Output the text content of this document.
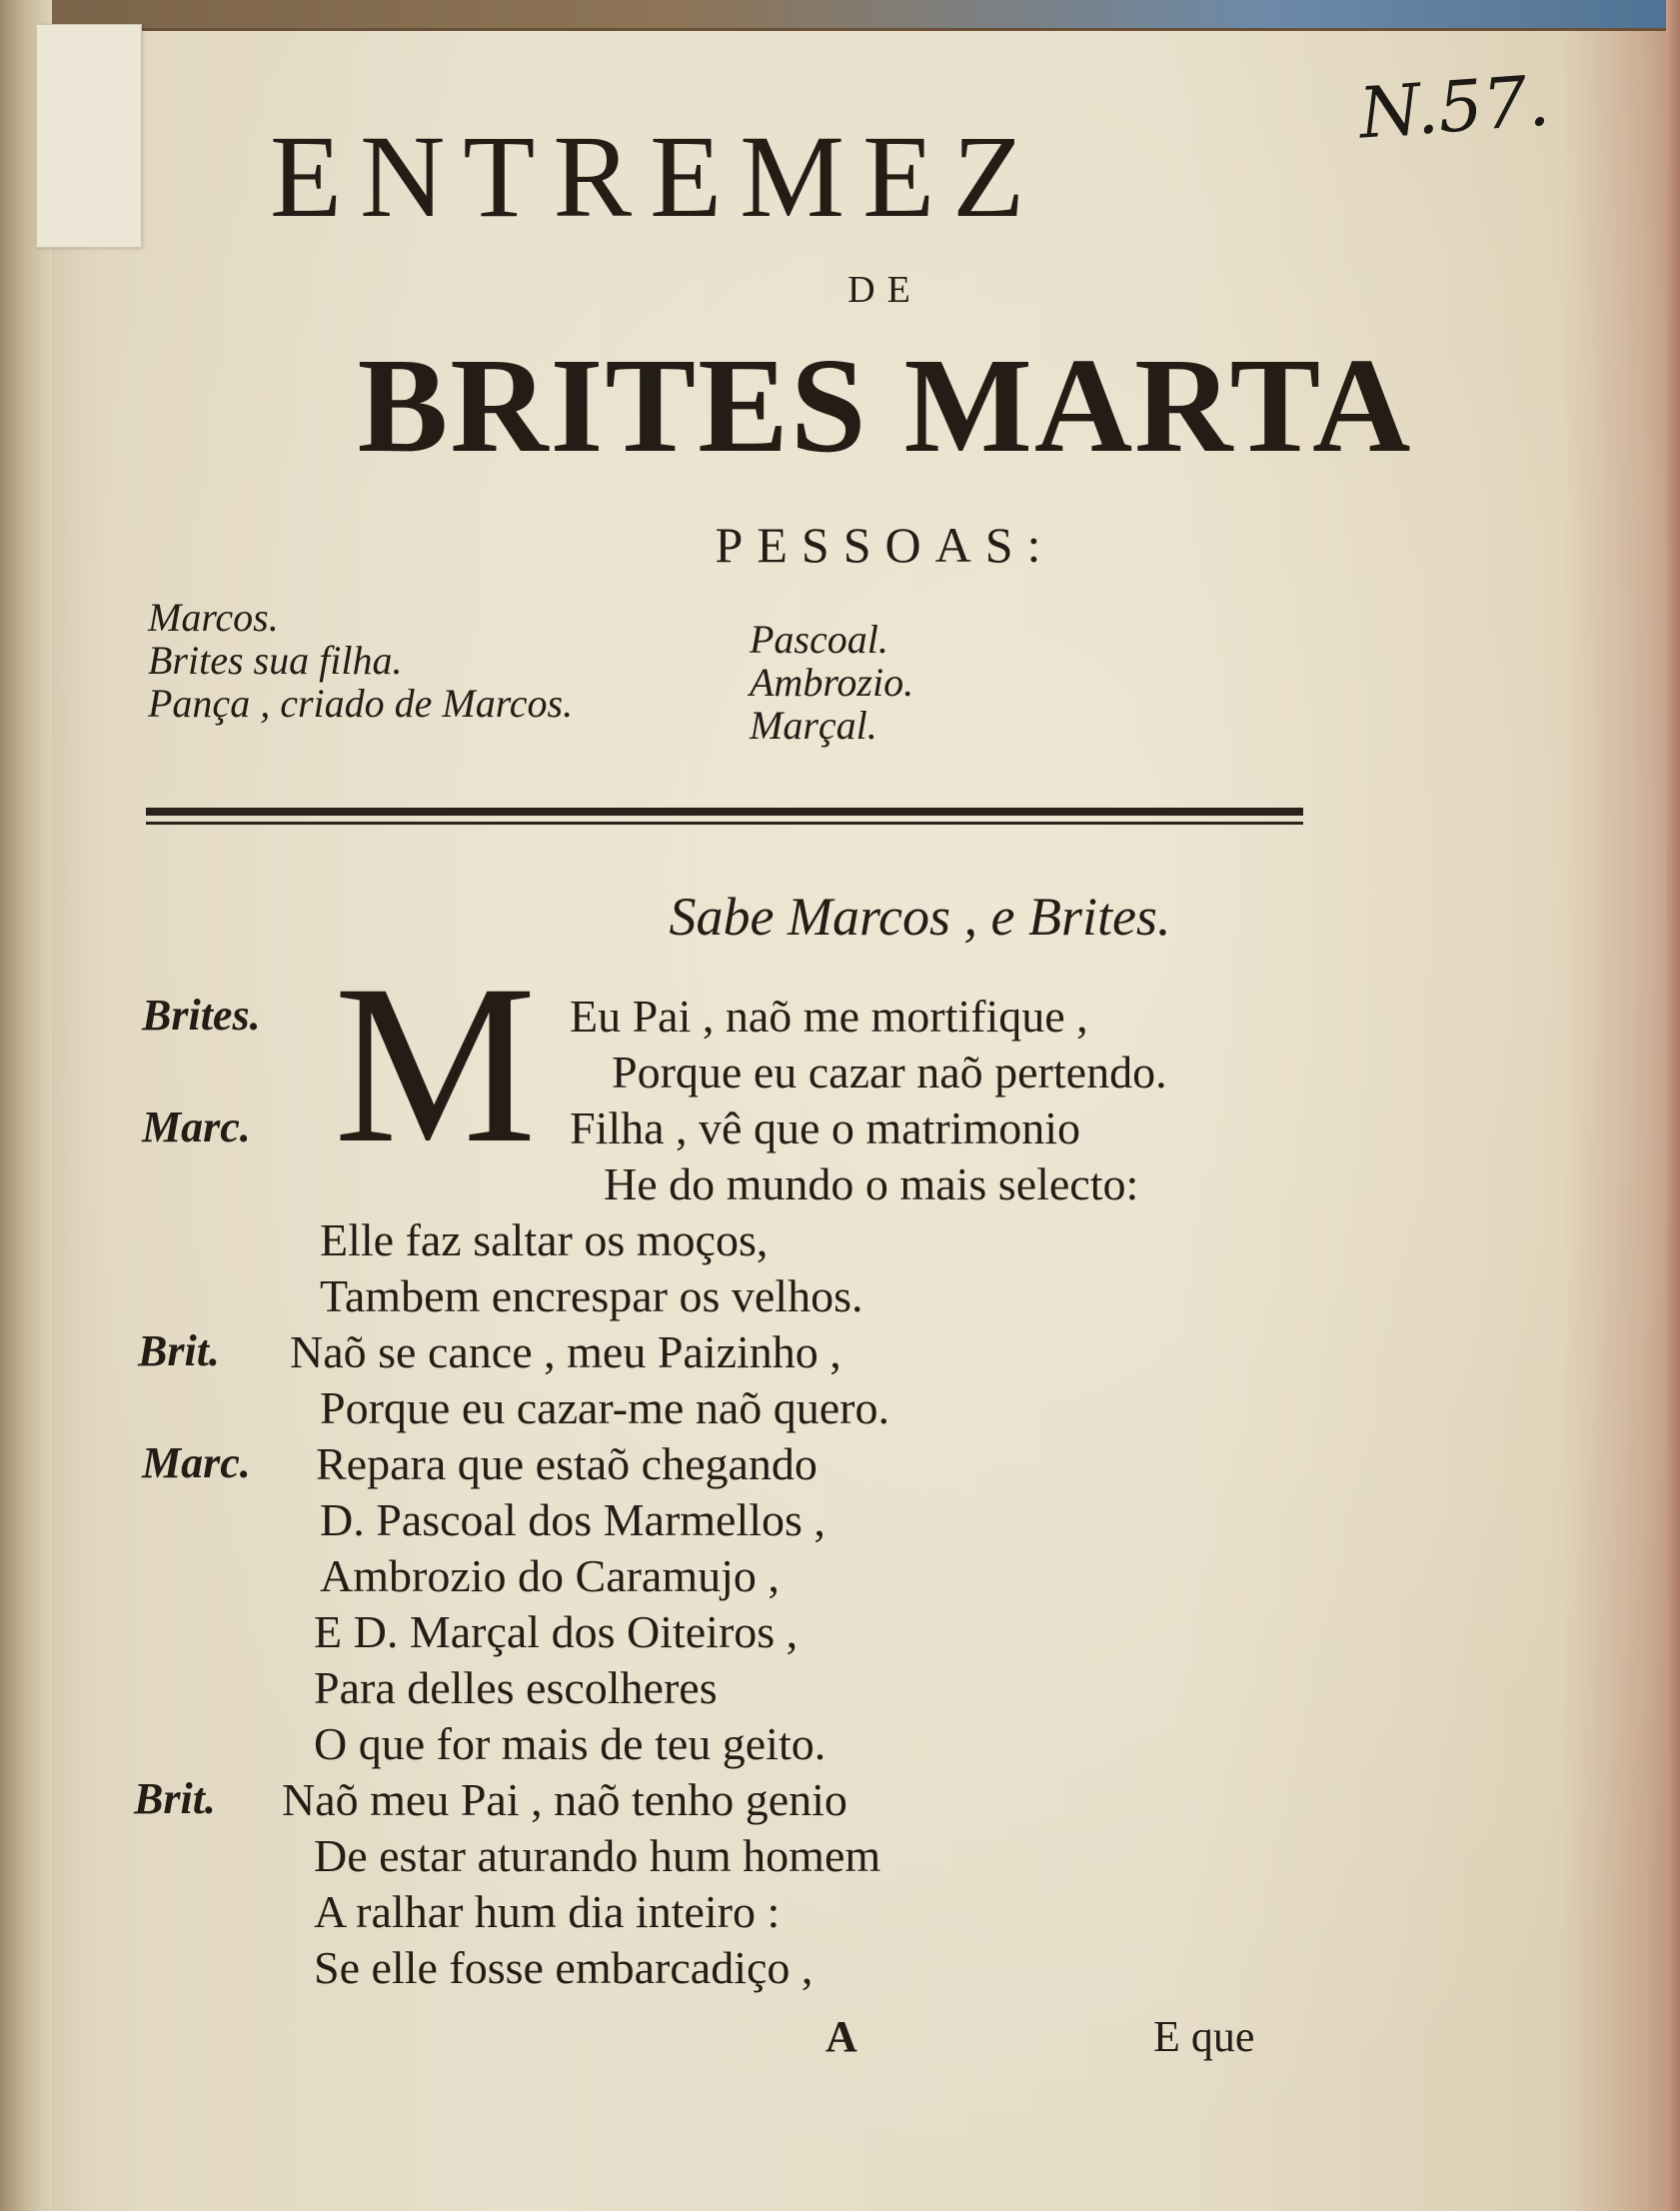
N.57.
ENTREMEZ
DE
BRITES MARTA
PESSOAS:
Marcos.
Brites sua filha.
Pança , criado de Marcos.
Pascoal.
Ambrozio.
Marçal.
Sabe Marcos , e Brites.
M
Brites.	Eu Pai , naõ me mortifique ,
Porque eu cazar naõ pertendo.
Marc.	Filha , vê que o matrimonio
He do mundo o mais selecto:
Elle faz saltar os moços,
Tambem encrespar os velhos.
Brit. Naõ se cance , meu Paizinho ,
Porque eu cazar-me naõ quero.
Marc. Repara que estaõ chegando
D. Pascoal dos Marmellos ,
Ambrozio do Caramujo ,
E D. Marçal dos Oiteiros ,
Para delles escolheres
O que for mais de teu geito.
Brit. Naõ meu Pai , naõ tenho genio
De estar aturando hum homem
A ralhar hum dia inteiro :
Se elle fosse embarcadiço ,
A	E que
